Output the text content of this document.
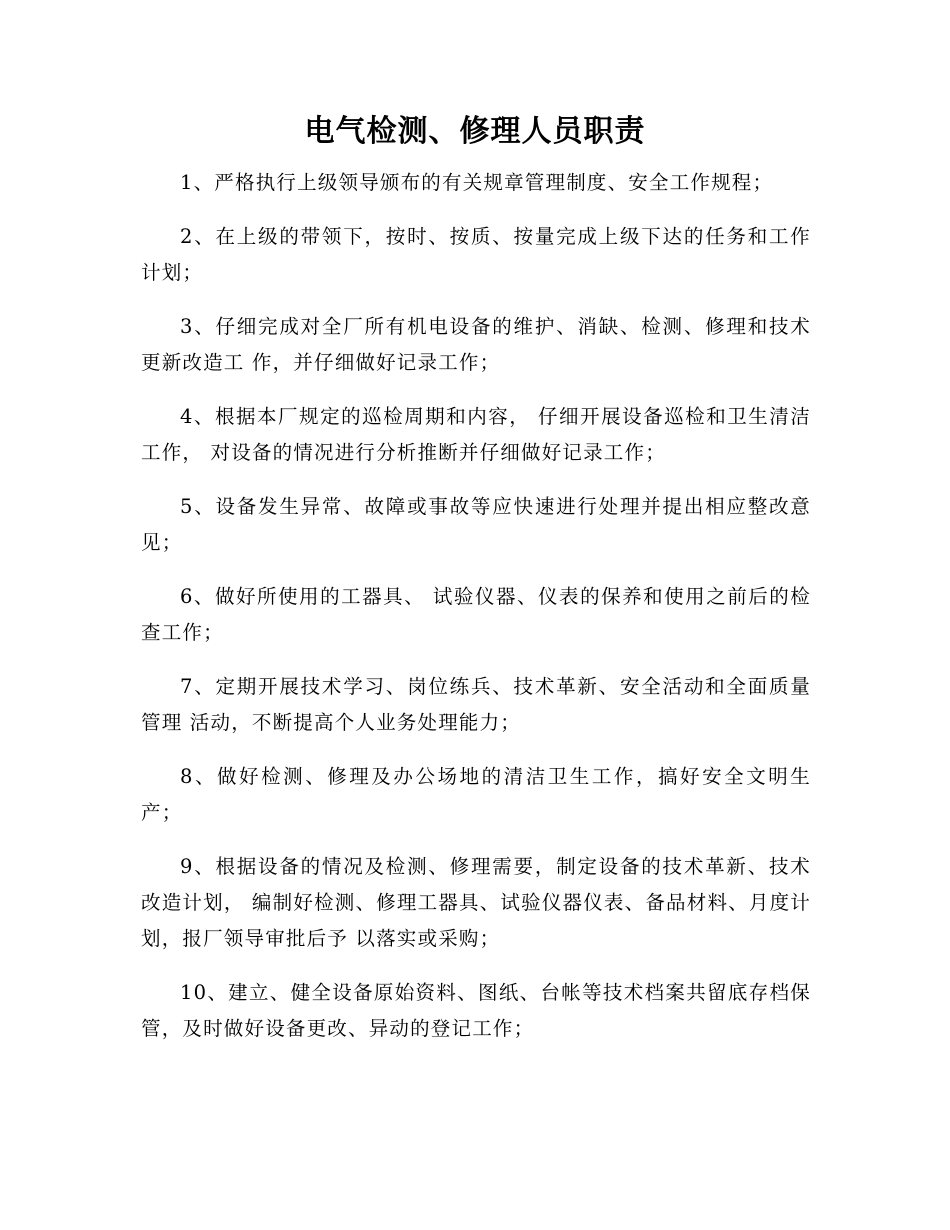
电气检测、修理人员职责

1、严格执行上级领导颁布的有关规章管理制度、安全工作规程；

2、在上级的带领下，按时、按质、按量完成上级下达的任务和工作计划；

3、仔细完成对全厂所有机电设备的维护、消缺、检测、修理和技术更新改造工 作，并仔细做好记录工作；

4、根据本厂规定的巡检周期和内容， 仔细开展设备巡检和卫生清洁工作， 对设备的情况进行分析推断并仔细做好记录工作；

5、设备发生异常、故障或事故等应快速进行处理并提出相应整改意见；

6、做好所使用的工器具、 试验仪器、仪表的保养和使用之前后的检查工作；

7、定期开展技术学习、岗位练兵、技术革新、安全活动和全面质量管理 活动，不断提高个人业务处理能力；

8、做好检测、修理及办公场地的清洁卫生工作，搞好安全文明生产；

9、根据设备的情况及检测、修理需要，制定设备的技术革新、技术改造计划， 编制好检测、修理工器具、试验仪器仪表、备品材料、月度计划，报厂领导审批后予 以落实或采购；

10、建立、健全设备原始资料、图纸、台帐等技术档案共留底存档保管，及时做好设备更改、异动的登记工作；
